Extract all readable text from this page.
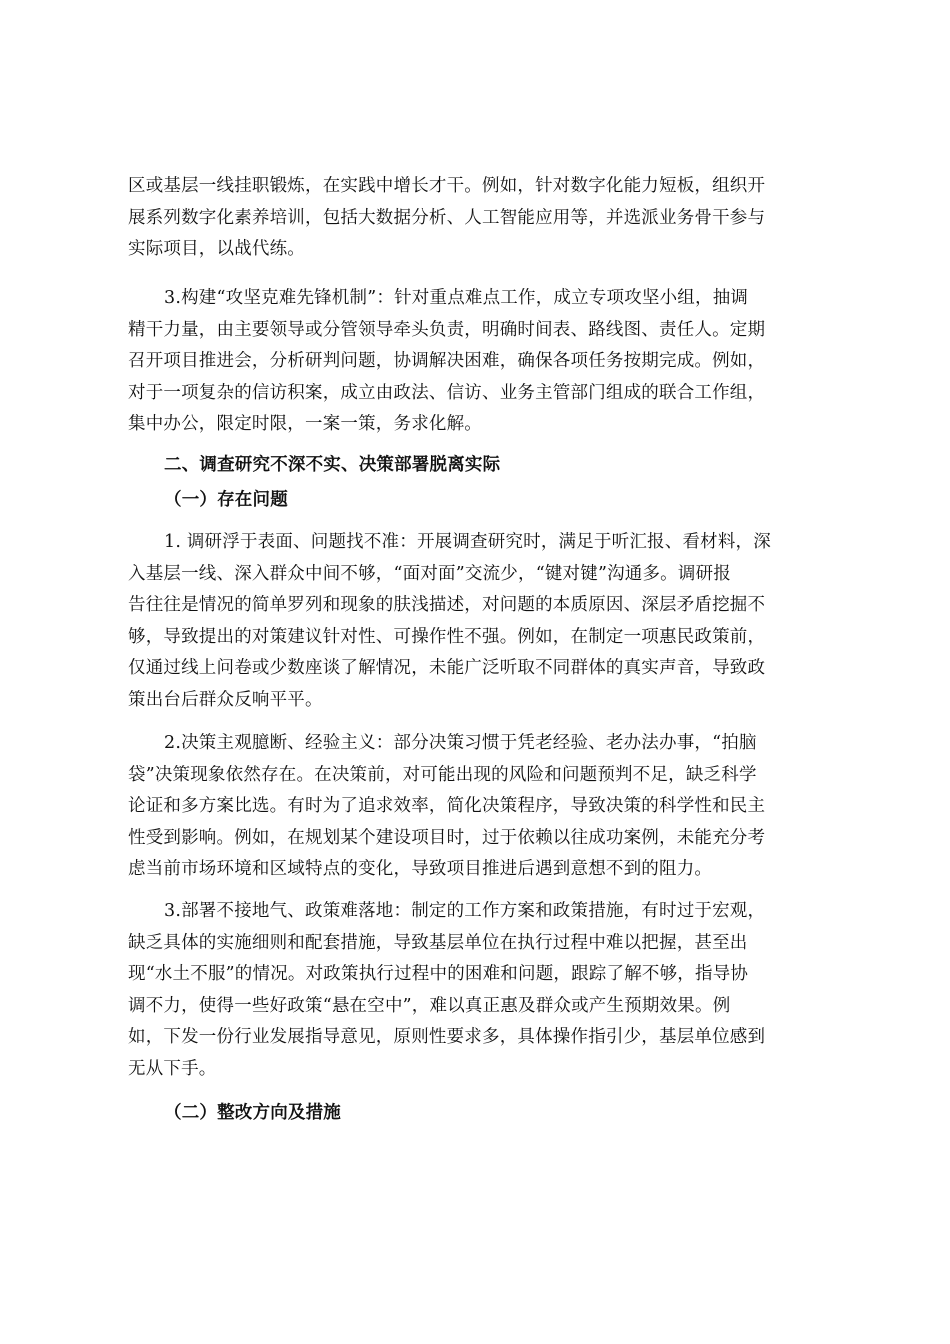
区或基层一线挂职锻炼，在实践中增长才干。例如，针对数字化能力短板，组织开
展系列数字化素养培训，包括大数据分析、人工智能应用等，并选派业务骨干参与
实际项目，以战代练。
3.构建“攻坚克难先锋机制”：针对重点难点工作，成立专项攻坚小组，抽调
精干力量，由主要领导或分管领导牵头负责，明确时间表、路线图、责任人。定期
召开项目推进会，分析研判问题，协调解决困难，确保各项任务按期完成。例如，
对于一项复杂的信访积案，成立由政法、信访、业务主管部门组成的联合工作组，
集中办公，限定时限，一案一策，务求化解。
二、调查研究不深不实、决策部署脱离实际
（一）存在问题
1. 调研浮于表面、问题找不准：开展调查研究时，满足于听汇报、看材料，深
入基层一线、深入群众中间不够，“面对面”交流少，“键对键”沟通多。调研报
告往往是情况的简单罗列和现象的肤浅描述，对问题的本质原因、深层矛盾挖掘不
够，导致提出的对策建议针对性、可操作性不强。例如，在制定一项惠民政策前，
仅通过线上问卷或少数座谈了解情况，未能广泛听取不同群体的真实声音，导致政
策出台后群众反响平平。
2.决策主观臆断、经验主义：部分决策习惯于凭老经验、老办法办事，“拍脑
袋”决策现象依然存在。在决策前，对可能出现的风险和问题预判不足，缺乏科学
论证和多方案比选。有时为了追求效率，简化决策程序，导致决策的科学性和民主
性受到影响。例如，在规划某个建设项目时，过于依赖以往成功案例，未能充分考
虑当前市场环境和区域特点的变化，导致项目推进后遇到意想不到的阻力。
3.部署不接地气、政策难落地：制定的工作方案和政策措施，有时过于宏观，
缺乏具体的实施细则和配套措施，导致基层单位在执行过程中难以把握，甚至出
现“水土不服”的情况。对政策执行过程中的困难和问题，跟踪了解不够，指导协
调不力，使得一些好政策“悬在空中”，难以真正惠及群众或产生预期效果。例
如，下发一份行业发展指导意见，原则性要求多，具体操作指引少，基层单位感到
无从下手。
（二）整改方向及措施
